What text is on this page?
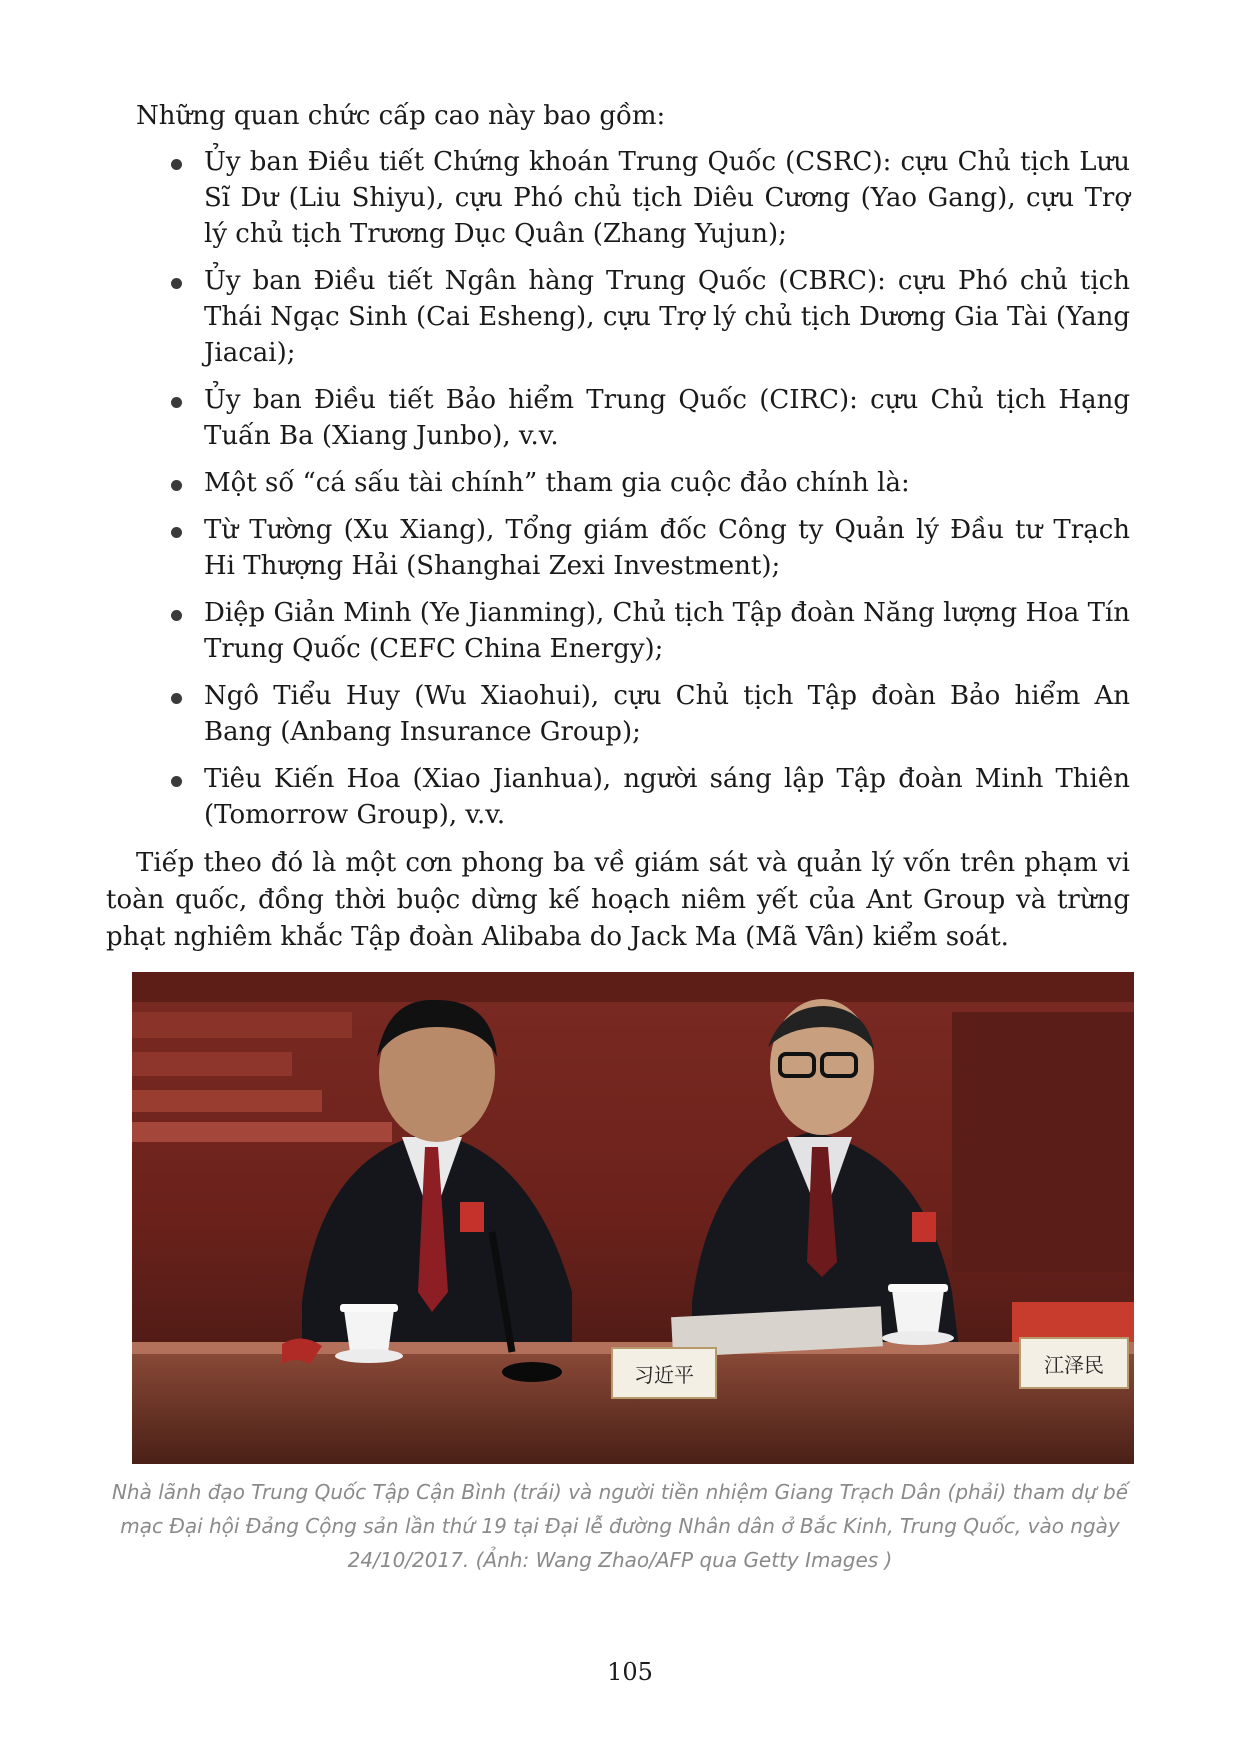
Những quan chức cấp cao này bao gồm:

Ủy ban Điều tiết Chứng khoán Trung Quốc (CSRC): cựu Chủ tịch Lưu Sĩ Dư (Liu Shiyu), cựu Phó chủ tịch Diêu Cương (Yao Gang), cựu Trợ lý chủ tịch Trương Dục Quân (Zhang Yujun);
Ủy ban Điều tiết Ngân hàng Trung Quốc (CBRC): cựu Phó chủ tịch Thái Ngạc Sinh (Cai Esheng), cựu Trợ lý chủ tịch Dương Gia Tài (Yang Jiacai);
Ủy ban Điều tiết Bảo hiểm Trung Quốc (CIRC): cựu Chủ tịch Hạng Tuấn Ba (Xiang Junbo), v.v.
Một số “cá sấu tài chính” tham gia cuộc đảo chính là:
Từ Tường (Xu Xiang), Tổng giám đốc Công ty Quản lý Đầu tư Trạch Hi Thượng Hải (Shanghai Zexi Investment);
Diệp Giản Minh (Ye Jianming), Chủ tịch Tập đoàn Năng lượng Hoa Tín Trung Quốc (CEFC China Energy);
Ngô Tiểu Huy (Wu Xiaohui), cựu Chủ tịch Tập đoàn Bảo hiểm An Bang (Anbang Insurance Group);
Tiêu Kiến Hoa (Xiao Jianhua), người sáng lập Tập đoàn Minh Thiên (Tomorrow Group), v.v.

Tiếp theo đó là một cơn phong ba về giám sát và quản lý vốn trên phạm vi toàn quốc, đồng thời buộc dừng kế hoạch niêm yết của Ant Group và trừng phạt nghiêm khắc Tập đoàn Alibaba do Jack Ma (Mã Vân) kiểm soát.

习近平	江泽民
Nhà lãnh đạo Trung Quốc Tập Cận Bình (trái) và người tiền nhiệm Giang Trạch Dân (phải) tham dự bế mạc Đại hội Đảng Cộng sản lần thứ 19 tại Đại lễ đường Nhân dân ở Bắc Kinh, Trung Quốc, vào ngày 24/10/2017. (Ảnh: Wang Zhao/AFP qua Getty Images )
105
